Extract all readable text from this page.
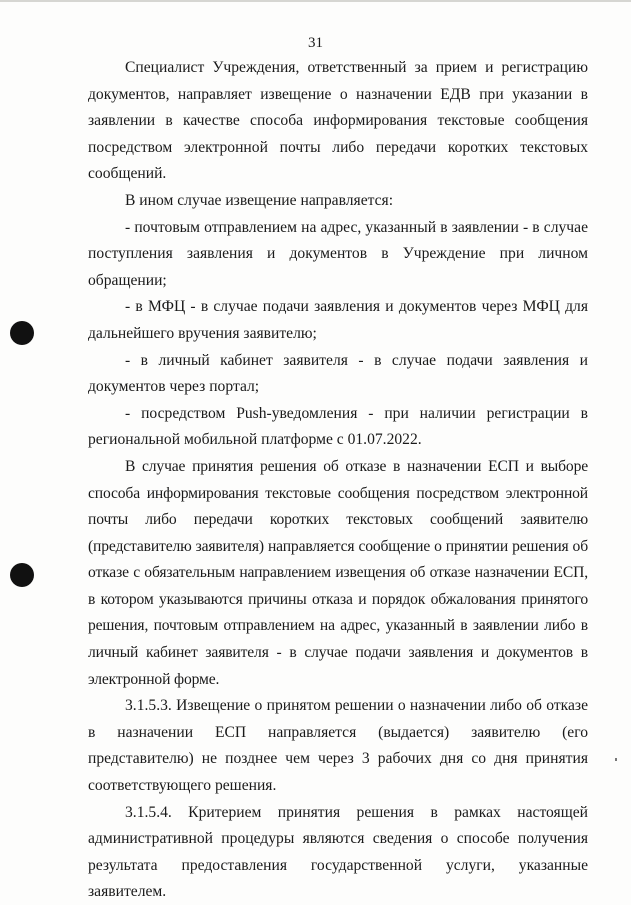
31

Специалист Учреждения, ответственный за прием и регистрацию документов, направляет извещение о назначении ЕДВ при указании в заявлении в качестве способа информирования текстовые сообщения посредством электронной почты либо передачи коротких текстовых сообщений.

В ином случае извещение направляется:

- почтовым отправлением на адрес, указанный в заявлении - в случае поступления заявления и документов в Учреждение при личном обращении;

- в МФЦ - в случае подачи заявления и документов через МФЦ для дальнейшего вручения заявителю;

- в личный кабинет заявителя - в случае подачи заявления и документов через портал;

- посредством Push-уведомления - при наличии регистрации в региональной мобильной платформе с 01.07.2022.

В случае принятия решения об отказе в назначении ЕСП и выборе способа информирования текстовые сообщения посредством электронной почты либо передачи коротких текстовых сообщений заявителю (представителю заявителя) направляется сообщение о принятии решения об отказе с обязательным направлением извещения об отказе назначении ЕСП, в котором указываются причины отказа и порядок обжалования принятого решения, почтовым отправлением на адрес, указанный в заявлении либо в личный кабинет заявителя - в случае подачи заявления и документов в электронной форме.

3.1.5.3. Извещение о принятом решении о назначении либо об отказе в назначении ЕСП направляется (выдается) заявителю (его представителю) не позднее чем через 3 рабочих дня со дня принятия соответствующего решения.

3.1.5.4. Критерием принятия решения в рамках настоящей административной процедуры являются сведения о способе получения результата предоставления государственной услуги, указанные заявителем.
